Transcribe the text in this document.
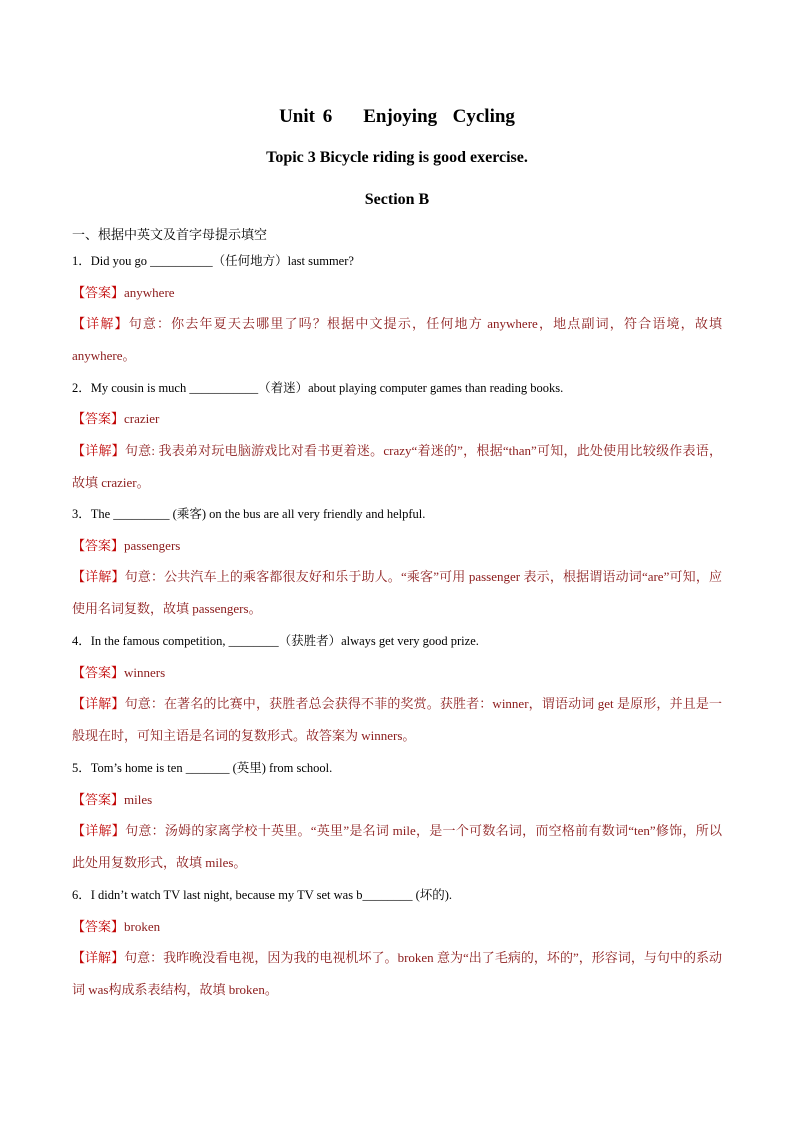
Unit 6    Enjoying  Cycling
Topic 3 Bicycle riding is good exercise.
Section B
一、根据中英文及首字母提示填空
1．Did you go __________（任何地方）last summer?
【答案】anywhere
【详解】句意：你去年夏天去哪里了吗？根据中文提示，任何地方 anywhere，地点副词，符合语境，故填 anywhere。
2．My cousin is much ___________（着迷）about playing computer games than reading books.
【答案】crazier
【详解】句意: 我表弟对玩电脑游戏比对看书更着迷。crazy“着迷的”，根据“than”可知，此处使用比较级作表语，故填 crazier。
3．The _________ (乘客) on the bus are all very friendly and helpful.
【答案】passengers
【详解】句意：公共汽车上的乘客都很友好和乐于助人。“乘客”可用 passenger 表示，根据谓语动词“are”可知，应使用名词复数，故填 passengers。
4．In the famous competition, ________（获胜者）always get very good prize.
【答案】winners
【详解】句意：在著名的比赛中，获胜者总会获得不菲的奖赏。获胜者：winner，谓语动词 get 是原形，并且是一般现在时，可知主语是名词的复数形式。故答案为 winners。
5．Tom’s home is ten _______ (英里) from school.
【答案】miles
【详解】句意：汤姆的家离学校十英里。“英里”是名词 mile，是一个可数名词，而空格前有数词“ten”修饰，所以此处用复数形式，故填 miles。
6．I didn’t watch TV last night, because my TV set was b________ (坏的).
【答案】broken
【详解】句意：我昨晚没看电视，因为我的电视机坏了。broken 意为“出了毛病的，坏的”，形容词，与句中的系动词 was构成系表结构，故填 broken。
